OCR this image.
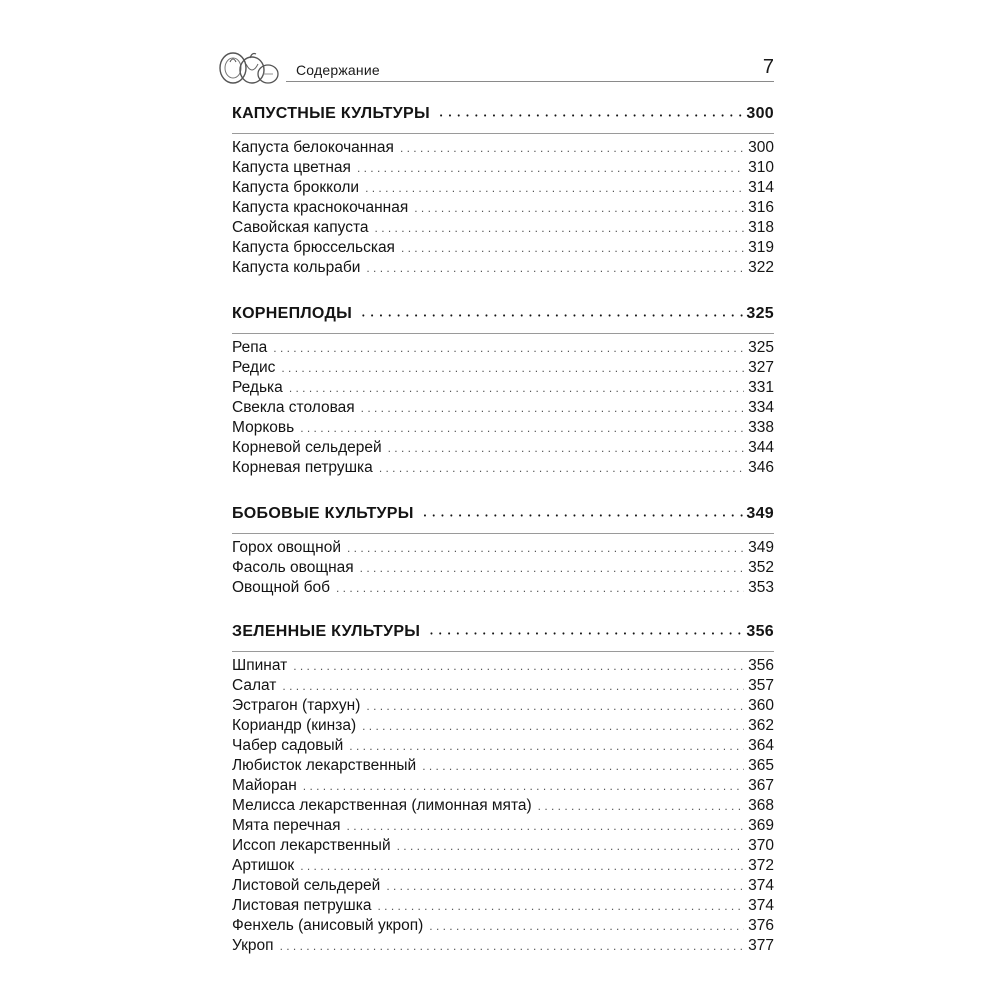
Содержание	7
КАПУСТНЫЕ КУЛЬТУРЫ • • •	300
Капуста белокочанная . . .	300
Капуста цветная . . .	310
Капуста брокколи . . .	314
Капуста краснокочанная . . .	316
Савойская капуста . . .	318
Капуста брюссельская . . .	319
Капуста кольраби . . .	322
КОРНЕПЛОДЫ • • •	325
Репа . . .	325
Редис . . .	327
Редька . . .	331
Свекла столовая . . .	334
Морковь . . .	338
Корневой сельдерей . . .	344
Корневая петрушка . . .	346
БОБОВЫЕ КУЛЬТУРЫ • • •	349
Горох овощной . . .	349
Фасоль овощная . . .	352
Овощной боб . . .	353
ЗЕЛЕННЫЕ КУЛЬТУРЫ • • •	356
Шпинат . . .	356
Салат . . .	357
Эстрагон (тархун) . . .	360
Кориандр (кинза) . . .	362
Чабер садовый . . .	364
Любисток лекарственный . . .	365
Майоран . . .	367
Мелисса лекарственная (лимонная мята) . . .	368
Мята перечная . . .	369
Иссоп лекарственный . . .	370
Артишок . . .	372
Листовой сельдерей . . .	374
Листовая петрушка . . .	374
Фенхель (анисовый укроп) . . .	376
Укроп . . .	377
